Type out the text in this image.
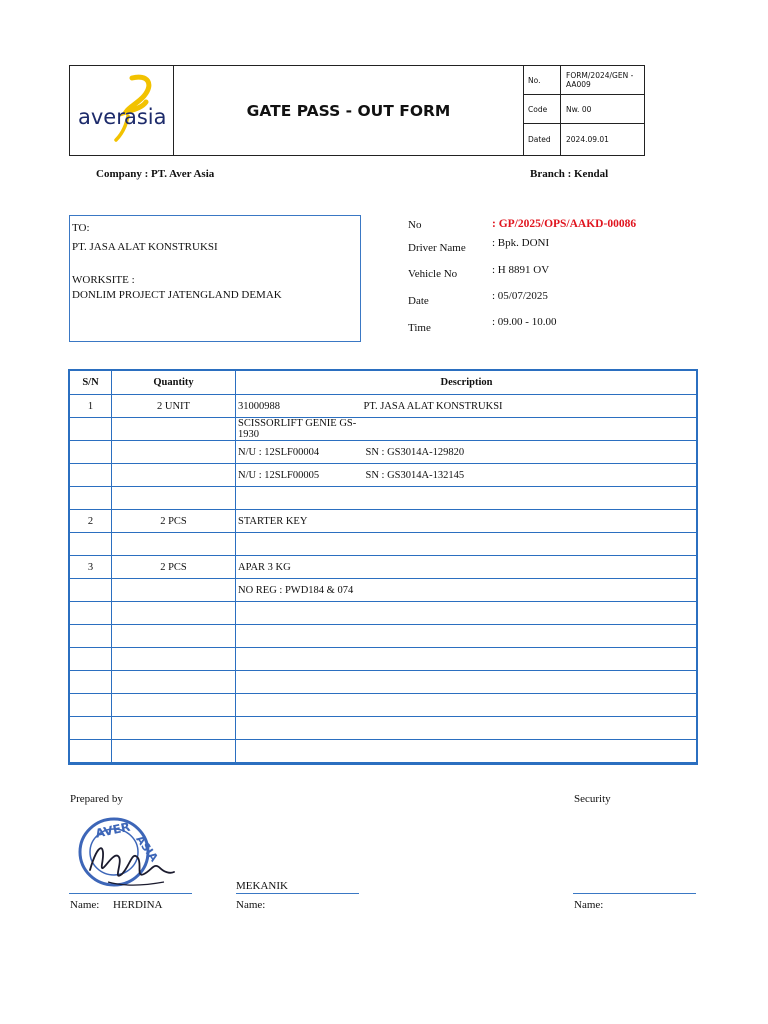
aver asia	GATE PASS - OUT FORM
No.	FORM/2024/GEN - AA009
Code	Nw. 00
Dated	2024.09.01
Company : PT. Aver Asia	Branch : Kendal
TO:
PT. JASA ALAT KONSTRUKSI
WORKSITE :
DONLIM PROJECT JATENGLAND DEMAK
No	: GP/2025/OPS/AAKD-00086
Driver Name : Bpk. DONI
Vehicle No	: H 8891 OV
Date	: 05/07/2025
Time	: 09.00 - 10.00
S/N	Quantity	Description	
1	2 UNIT	31000988	PT. JASA ALAT KONSTRUKSI
		SCISSORLIFT GENIE GS-1930	
		N/U : 12SLF00004	SN : GS3014A-129820
		N/U : 12SLF00005	SN : GS3014A-132145

2	2 PCS	STARTER KEY	

3	2 PCS	APAR 3 KG	
		NO REG : PWD184 & 074	

Prepared by	Security
AVER
ASIA
MEKANIK
Name: HERDINA	Name:	Name:
